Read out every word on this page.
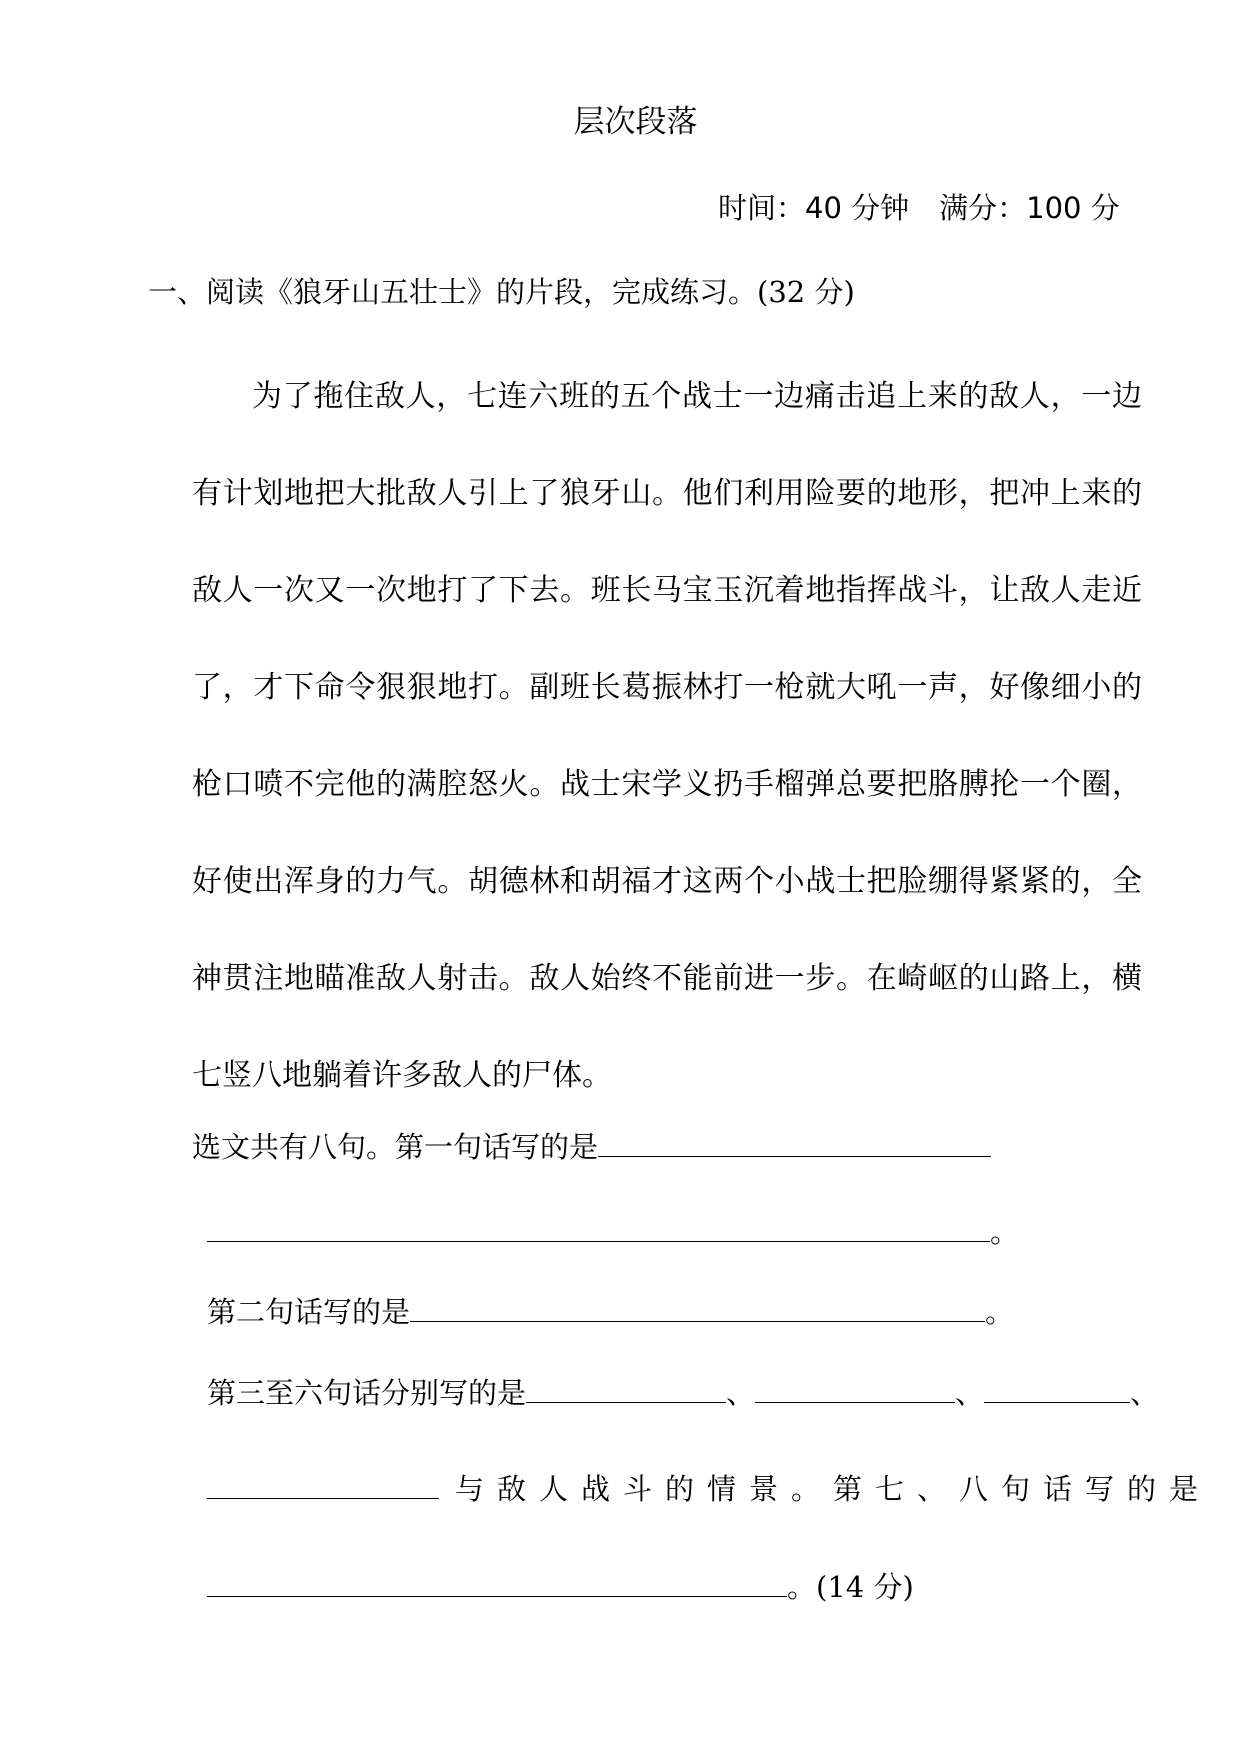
层次段落
时间：40 分钟 满分：100 分
一、阅读《狼牙山五壮士》的片段，完成练习。(32 分)

为了拖住敌人，七连六班的五个战士一边痛击追上来的敌人，一边有计划地把大批敌人引上了狼牙山。他们利用险要的地形，把冲上来的敌人一次又一次地打了下去。班长马宝玉沉着地指挥战斗，让敌人走近了，才下命令狠狠地打。副班长葛振林打一枪就大吼一声，好像细小的枪口喷不完他的满腔怒火。战士宋学义扔手榴弹总要把胳膊抡一个圈，好使出浑身的力气。胡德林和胡福才这两个小战士把脸绷得紧紧的，全神贯注地瞄准敌人射击。敌人始终不能前进一步。在崎岖的山路上，横七竖八地躺着许多敌人的尸体。

选文共有八句。第一句话写的是
。
第二句话写的是	。
第三至六句话分别写的是	、	、	、
与敌人战斗的情景。第七、八句话写的是
。(14 分)
